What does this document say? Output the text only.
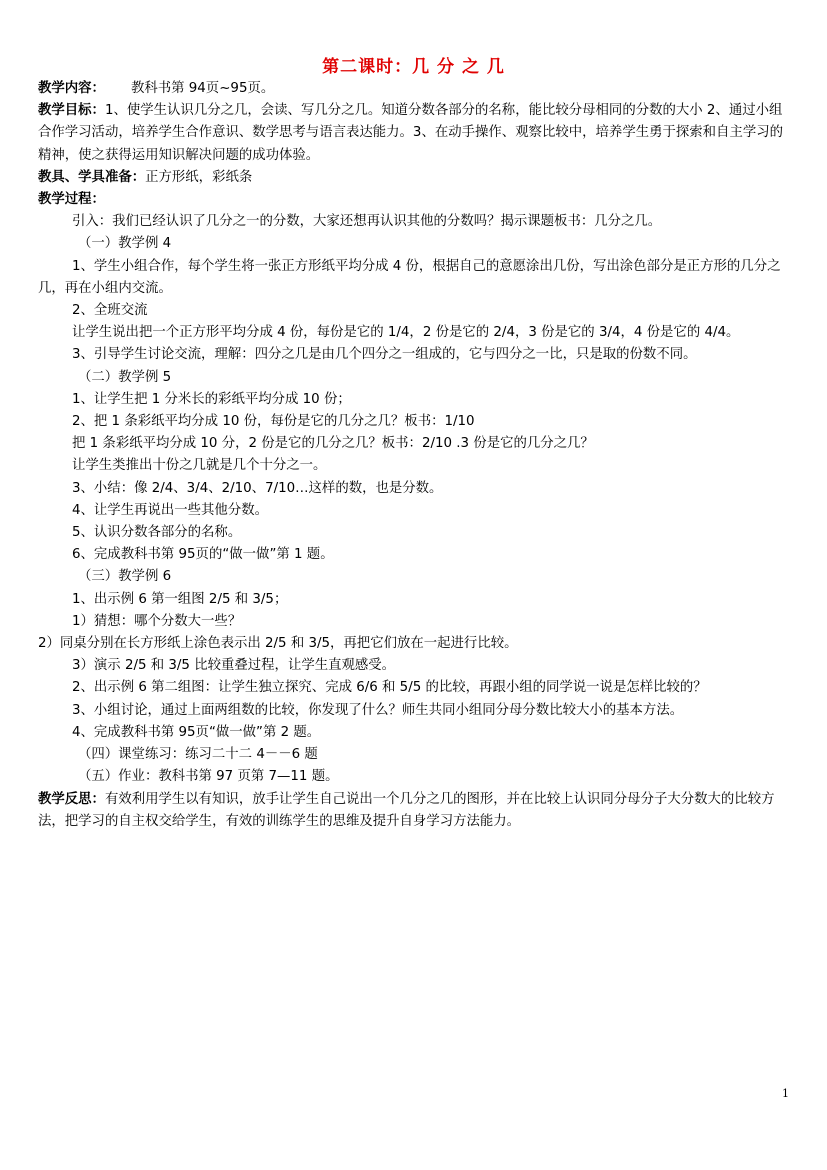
第二课时：几 分 之 几

教学内容： 教科书第 94页~95页。

教学目标：1、使学生认识几分之几，会读、写几分之几。知道分数各部分的名称，能比较分母相同的分数的大小 2、通过小组合作学习活动，培养学生合作意识、数学思考与语言表达能力。3、在动手操作、观察比较中，培养学生勇于探索和自主学习的精神，使之获得运用知识解决问题的成功体验。

教具、学具准备：正方形纸，彩纸条

教学过程：

引入：我们已经认识了几分之一的分数，大家还想再认识其他的分数吗？揭示课题板书：几分之几。

（一）教学例 4

1、学生小组合作，每个学生将一张正方形纸平均分成 4 份，根据自己的意愿涂出几份，写出涂色部分是正方形的几分之几，再在小组内交流。

2、全班交流

让学生说出把一个正方形平均分成 4 份，每份是它的 1/4，2 份是它的 2/4，3 份是它的 3/4，4 份是它的 4/4。

3、引导学生讨论交流，理解：四分之几是由几个四分之一组成的，它与四分之一比，只是取的份数不同。

（二）教学例 5

1、让学生把 1 分米长的彩纸平均分成 10 份；

2、把 1 条彩纸平均分成 10 份，每份是它的几分之几？板书：1/10

把 1 条彩纸平均分成 10 分，2 份是它的几分之几？板书：2/10 .3 份是它的几分之几？

让学生类推出十份之几就是几个十分之一。

3、小结：像 2/4、3/4、2/10、7/10…这样的数，也是分数。

4、让学生再说出一些其他分数。

5、认识分数各部分的名称。

6、完成教科书第 95页的“做一做”第 1 题。

（三）教学例 6

1、出示例 6 第一组图 2/5 和 3/5；

1）猜想：哪个分数大一些？

2）同桌分别在长方形纸上涂色表示出 2/5 和 3/5，再把它们放在一起进行比较。

3）演示 2/5 和 3/5 比较重叠过程，让学生直观感受。

2、出示例 6 第二组图：让学生独立探究、完成 6/6 和 5/5 的比较，再跟小组的同学说一说是怎样比较的？

3、小组讨论，通过上面两组数的比较，你发现了什么？师生共同小组同分母分数比较大小的基本方法。

4、完成教科书第 95页“做一做”第 2 题。

（四）课堂练习：练习二十二 4－－6 题

（五）作业：教科书第 97 页第 7—11 题。

教学反思：有效利用学生以有知识，放手让学生自己说出一个几分之几的图形，并在比较上认识同分母分子大分数大的比较方法，把学习的自主权交给学生，有效的训练学生的思维及提升自身学习方法能力。

1
